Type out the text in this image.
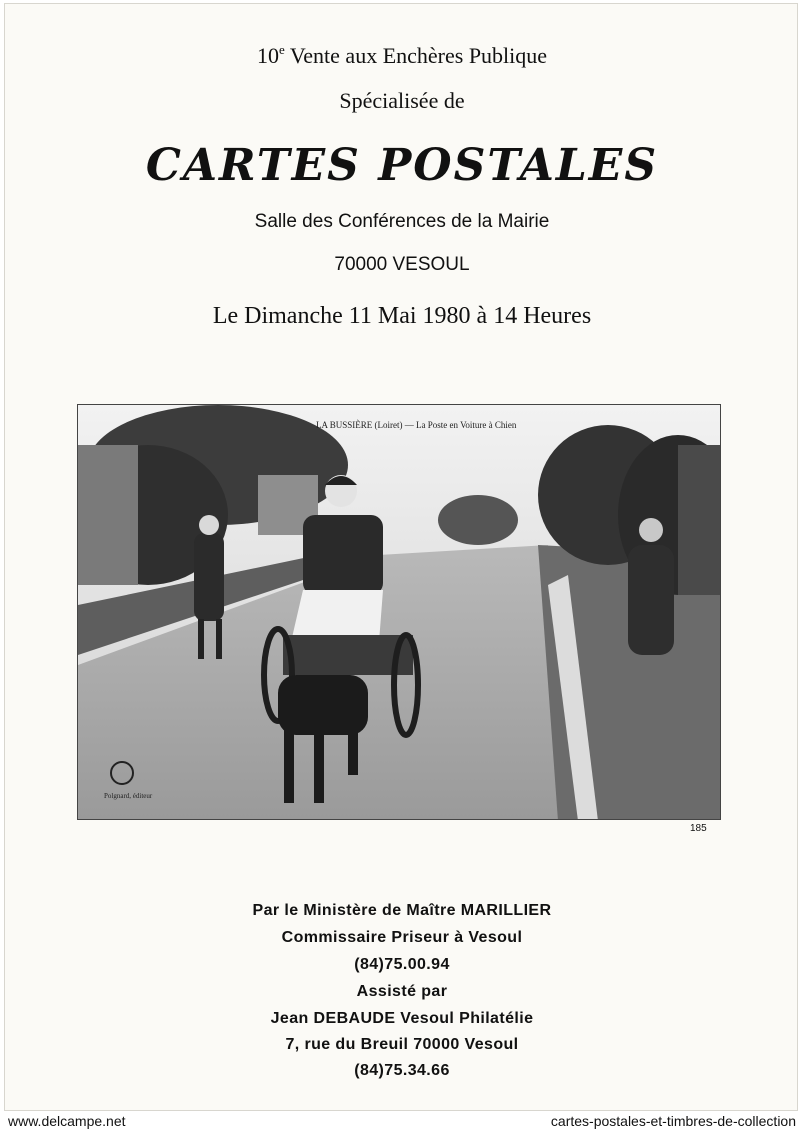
10e Vente aux Enchères Publique
Spécialisée de
CARTES POSTALES
Salle des Conférences de la Mairie
70000 VESOUL
Le Dimanche 11 Mai 1980 à 14 Heures
LA BUSSIÈRE (Loiret) — La Poste en Voiture à Chien
Polgnard, éditeur
185
Par le Ministère de Maître MARILLIER
Commissaire Priseur à Vesoul
(84)75.00.94
Assisté par
Jean DEBAUDE Vesoul Philatélie
7, rue du Breuil 70000 Vesoul
(84)75.34.66
www.delcampe.net	cartes-postales-et-timbres-de-collection
